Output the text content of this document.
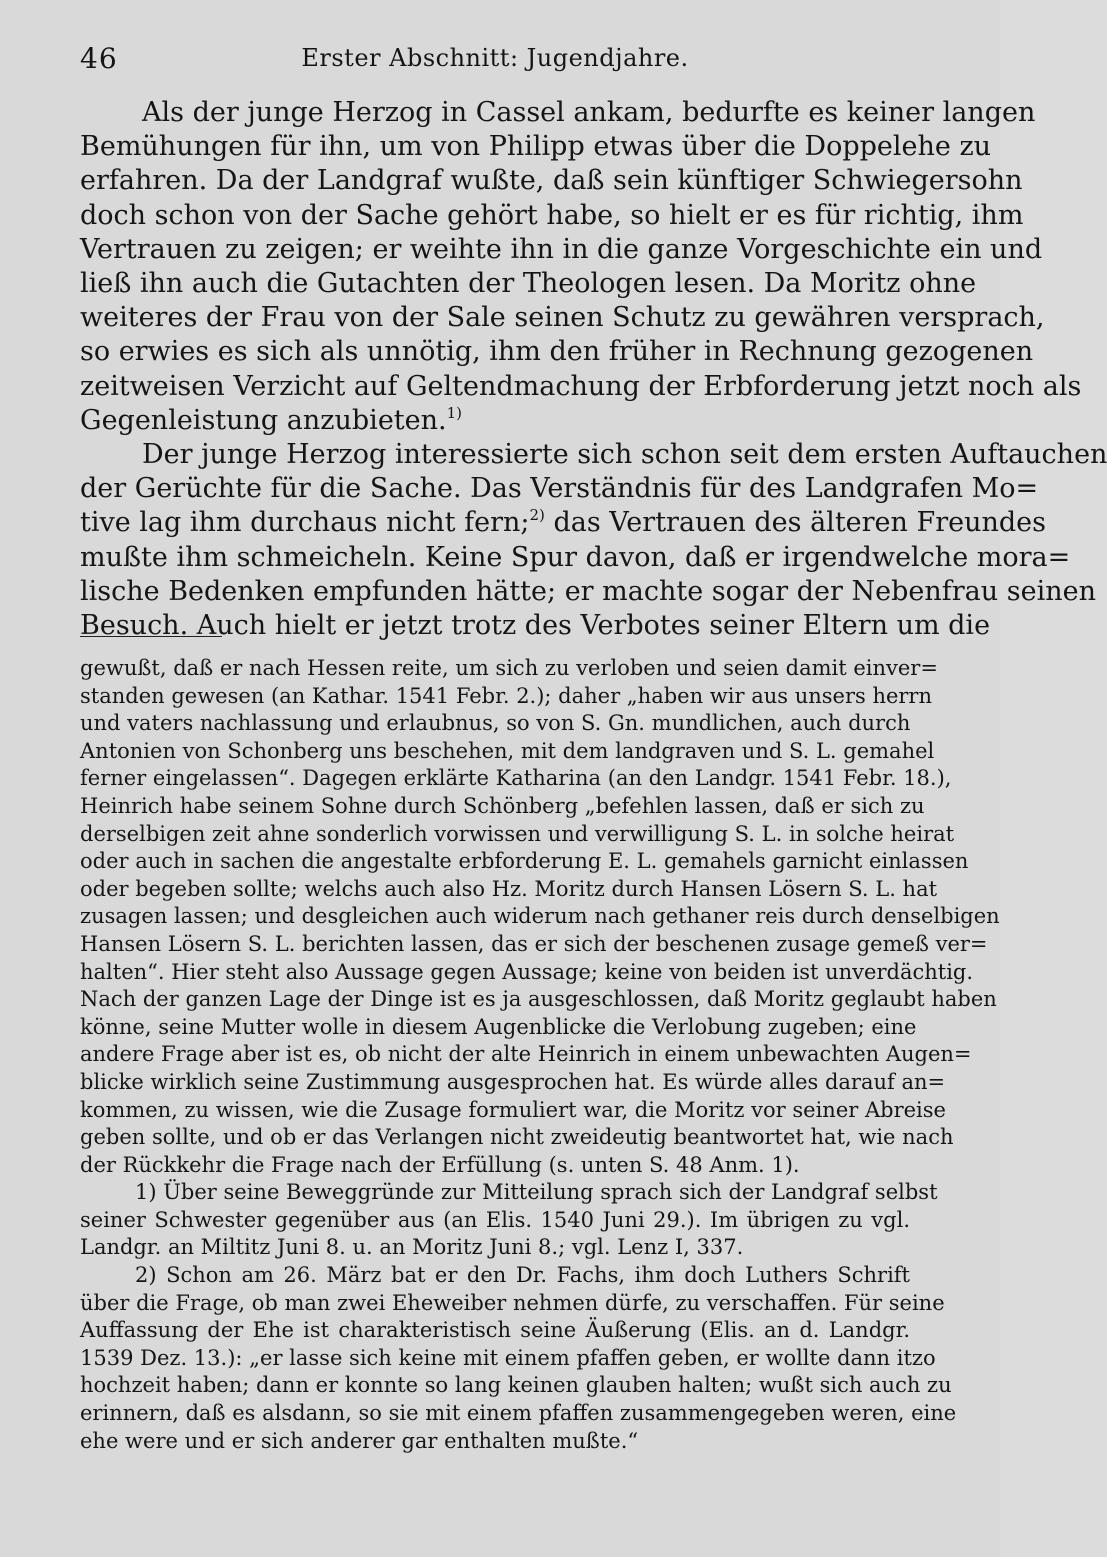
46	Erster Abschnitt: Jugendjahre.

Als der junge Herzog in Cassel ankam, bedurfte es keiner langen
Bemühungen für ihn, um von Philipp etwas über die Doppelehe zu
erfahren. Da der Landgraf wußte, daß sein künftiger Schwiegersohn
doch schon von der Sache gehört habe, so hielt er es für richtig, ihm
Vertrauen zu zeigen; er weihte ihn in die ganze Vorgeschichte ein und
ließ ihn auch die Gutachten der Theologen lesen. Da Moritz ohne
weiteres der Frau von der Sale seinen Schutz zu gewähren versprach,
so erwies es sich als unnötig, ihm den früher in Rechnung gezogenen
zeitweisen Verzicht auf Geltendmachung der Erbforderung jetzt noch als
Gegenleistung anzubieten.$^{1)}$

Der junge Herzog interessierte sich schon seit dem ersten Auftauchen
der Gerüchte für die Sache. Das Verständnis für des Landgrafen Mo=
tive lag ihm durchaus nicht fern;$^{2)}$ das Vertrauen des älteren Freundes
mußte ihm schmeicheln. Keine Spur davon, daß er irgendwelche mora=
lische Bedenken empfunden hätte; er machte sogar der Nebenfrau seinen
Besuch. Auch hielt er jetzt trotz des Verbotes seiner Eltern um die

gewußt, daß er nach Hessen reite, um sich zu verloben und seien damit einver=
standen gewesen (an Kathar. 1541 Febr. 2.); daher „haben wir aus unsers herrn
und vaters nachlassung und erlaubnus, so von S. Gn. mundlichen, auch durch
Antonien von Schonberg uns beschehen, mit dem landgraven und S. L. gemahel
ferner eingelassen“. Dagegen erklärte Katharina (an den Landgr. 1541 Febr. 18.),
Heinrich habe seinem Sohne durch Schönberg „befehlen lassen, daß er sich zu
derselbigen zeit ahne sonderlich vorwissen und verwilligung S. L. in solche heirat
oder auch in sachen die angestalte erbforderung E. L. gemahels garnicht einlassen
oder begeben sollte; welchs auch also Hz. Moritz durch Hansen Lösern S. L. hat
zusagen lassen; und desgleichen auch widerum nach gethaner reis durch denselbigen
Hansen Lösern S. L. berichten lassen, das er sich der beschenen zusage gemeß ver=
halten“. Hier steht also Aussage gegen Aussage; keine von beiden ist unverdächtig.
Nach der ganzen Lage der Dinge ist es ja ausgeschlossen, daß Moritz geglaubt haben
könne, seine Mutter wolle in diesem Augenblicke die Verlobung zugeben; eine
andere Frage aber ist es, ob nicht der alte Heinrich in einem unbewachten Augen=
blicke wirklich seine Zustimmung ausgesprochen hat. Es würde alles darauf an=
kommen, zu wissen, wie die Zusage formuliert war, die Moritz vor seiner Abreise
geben sollte, und ob er das Verlangen nicht zweideutig beantwortet hat, wie nach
der Rückkehr die Frage nach der Erfüllung (s. unten S. 48 Anm. 1).

1) Über seine Beweggründe zur Mitteilung sprach sich der Landgraf selbst
seiner Schwester gegenüber aus (an Elis. 1540 Juni 29.). Im übrigen zu vgl.
Landgr. an Miltitz Juni 8. u. an Moritz Juni 8.; vgl. Lenz I, 337.

2) Schon am 26. März bat er den Dr. Fachs, ihm doch Luthers Schrift
über die Frage, ob man zwei Eheweiber nehmen dürfe, zu verschaffen. Für seine
Auffassung der Ehe ist charakteristisch seine Äußerung (Elis. an d. Landgr.
1539 Dez. 13.): „er lasse sich keine mit einem pfaffen geben, er wollte dann itzo
hochzeit haben; dann er konnte so lang keinen glauben halten; wußt sich auch zu
erinnern, daß es alsdann, so sie mit einem pfaffen zusammengegeben weren, eine
ehe were und er sich anderer gar enthalten mußte.“
